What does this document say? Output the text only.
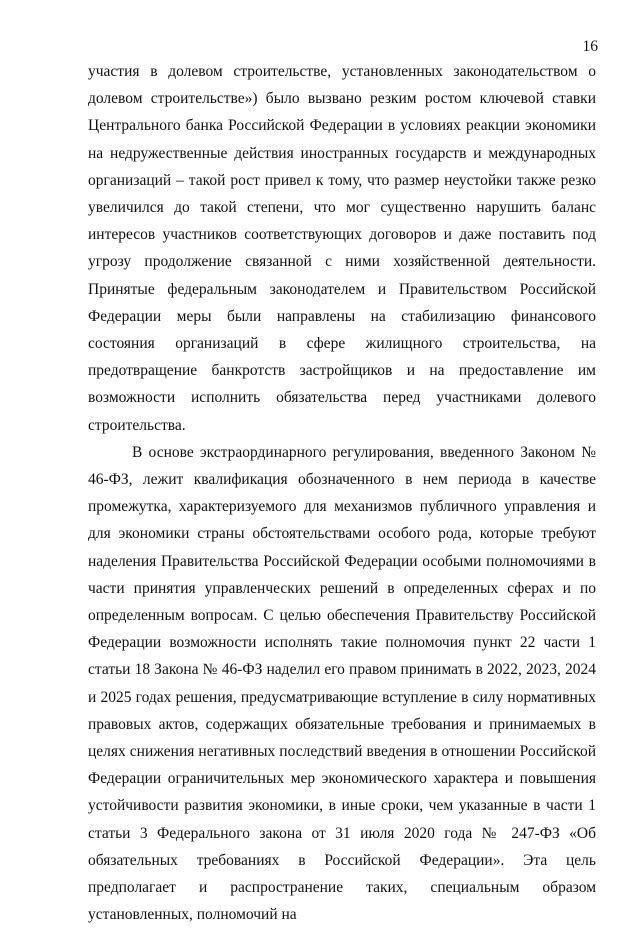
16

участия в долевом строительстве, установленных законодательством о долевом строительстве») было вызвано резким ростом ключевой ставки Центрального банка Российской Федерации в условиях реакции экономики на недружественные действия иностранных государств и международных организаций – такой рост привел к тому, что размер неустойки также резко увеличился до такой степени, что мог существенно нарушить баланс интересов участников соответствующих договоров и даже поставить под угрозу продолжение связанной с ними хозяйственной деятельности. Принятые федеральным законодателем и Правительством Российской Федерации меры были направлены на стабилизацию финансового состояния организаций в сфере жилищного строительства, на предотвращение банкротств застройщиков и на предоставление им возможности исполнить обязательства перед участниками долевого строительства.

В основе экстраординарного регулирования, введенного Законом № 46-ФЗ, лежит квалификация обозначенного в нем периода в качестве промежутка, характеризуемого для механизмов публичного управления и для экономики страны обстоятельствами особого рода, которые требуют наделения Правительства Российской Федерации особыми полномочиями в части принятия управленческих решений в определенных сферах и по определенным вопросам. С целью обеспечения Правительству Российской Федерации возможности исполнять такие полномочия пункт 22 части 1 статьи 18 Закона № 46-ФЗ наделил его правом принимать в 2022, 2023, 2024 и 2025 годах решения, предусматривающие вступление в силу нормативных правовых актов, содержащих обязательные требования и принимаемых в целях снижения негативных последствий введения в отношении Российской Федерации ограничительных мер экономического характера и повышения устойчивости развития экономики, в иные сроки, чем указанные в части 1 статьи 3 Федерального закона от 31 июля 2020 года № 247-ФЗ «Об обязательных требованиях в Российской Федерации». Эта цель предполагает и распространение таких, специальным образом установленных, полномочий на
